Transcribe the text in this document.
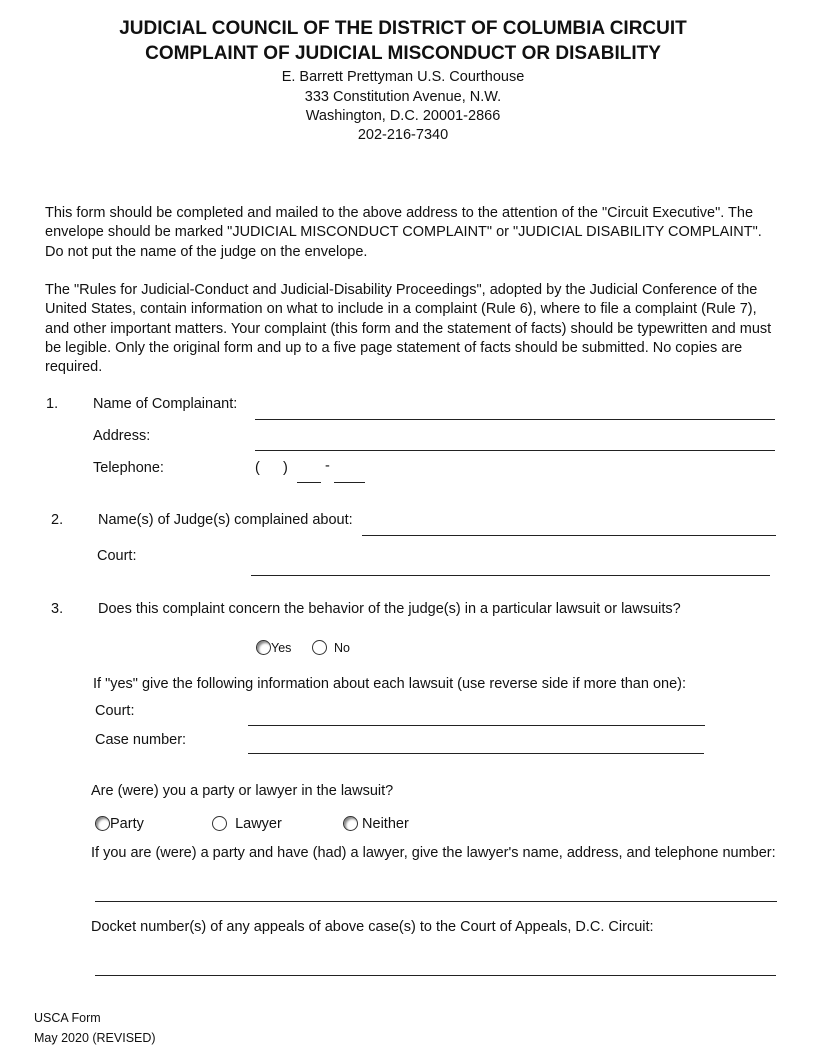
JUDICIAL COUNCIL OF THE DISTRICT OF COLUMBIA CIRCUIT
COMPLAINT OF JUDICIAL MISCONDUCT OR DISABILITY
E. Barrett Prettyman U.S. Courthouse
333 Constitution Avenue, N.W.
Washington, D.C. 20001-2866
202-216-7340
This form should be completed and mailed to the above address to the attention of the "Circuit Executive". The envelope should be marked "JUDICIAL MISCONDUCT COMPLAINT" or "JUDICIAL DISABILITY COMPLAINT". Do not put the name of the judge on the envelope.
The "Rules for Judicial-Conduct and Judicial-Disability Proceedings", adopted by the Judicial Conference of the United States, contain information on what to include in a complaint (Rule 6), where to file a complaint (Rule 7), and other important matters. Your complaint (this form and the statement of facts) should be typewritten and must be legible. Only the original form and up to a five page statement of facts should be submitted. No copies are required.
1. Name of Complainant:
Address:
Telephone:	( )	-
2. Name(s) of Judge(s) complained about:
Court:
3. Does this complaint concern the behavior of the judge(s) in a particular lawsuit or lawsuits?
Yes	No
If "yes" give the following information about each lawsuit (use reverse side if more than one):
Court:
Case number:
Are (were) you a party or lawyer in the lawsuit?
Party	Lawyer	Neither
If you are (were) a party and have (had) a lawyer, give the lawyer's name, address, and telephone number:
Docket number(s) of any appeals of above case(s) to the Court of Appeals, D.C. Circuit:
USCA Form
May 2020 (REVISED)
